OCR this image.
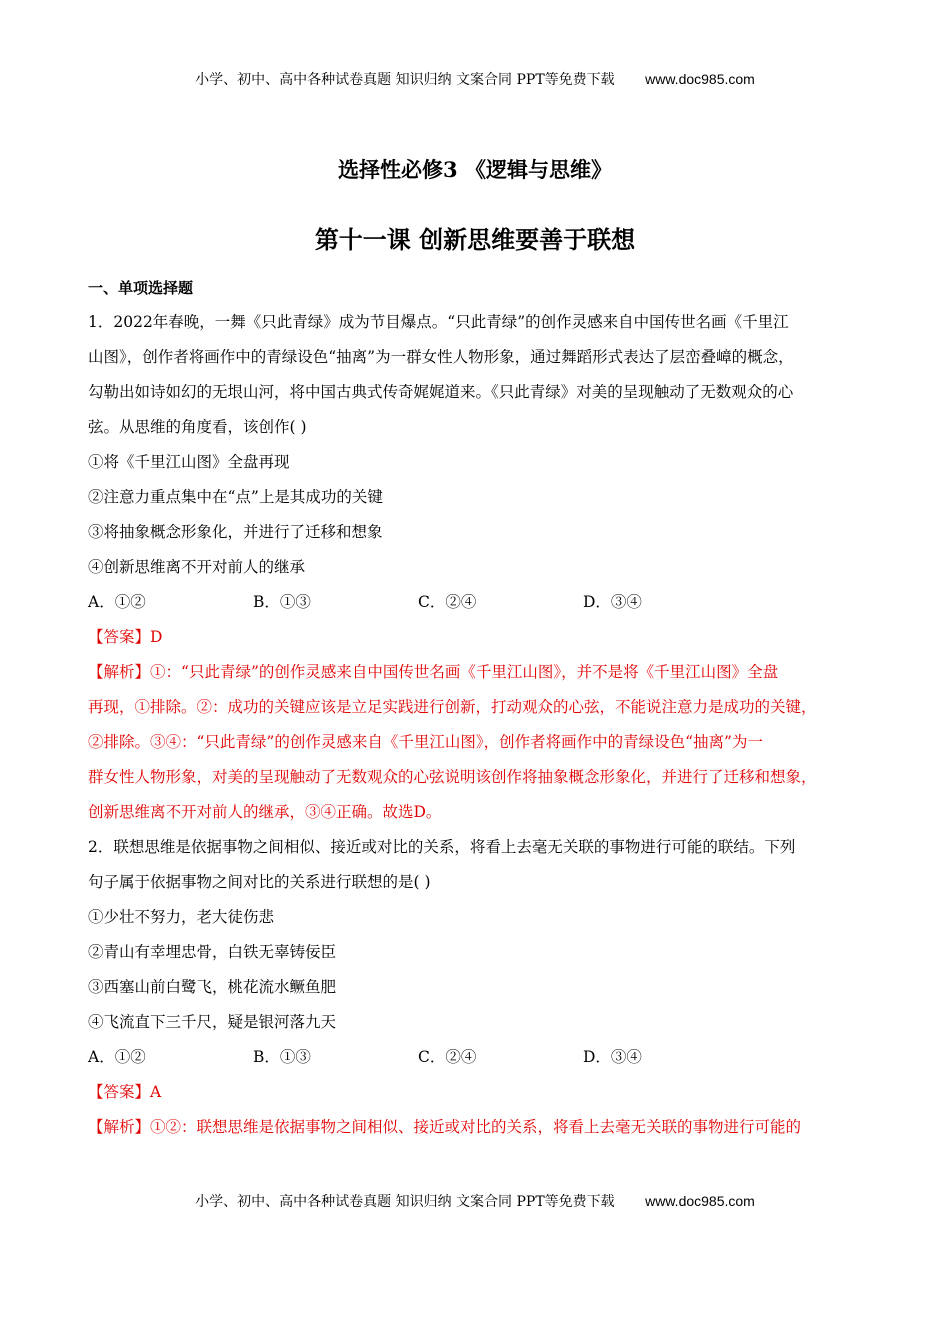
小学、初中、高中各种试卷真题 知识归纳 文案合同 PPT等免费下载 www.doc985.com
选择性必修3 《逻辑与思维》
第十一课 创新思维要善于联想

一、单项选择题

1．2022年春晚，一舞《只此青绿》成为节目爆点。“只此青绿”的创作灵感来自中国传世名画《千里江

山图》，创作者将画作中的青绿设色“抽离”为一群女性人物形象，通过舞蹈形式表达了层峦叠嶂的概念，

勾勒出如诗如幻的无垠山河，将中国古典式传奇娓娓道来。《只此青绿》对美的呈现触动了无数观众的心

弦。从思维的角度看，该创作( )

①将《千里江山图》全盘再现

②注意力重点集中在“点”上是其成功的关键

③将抽象概念形象化，并进行了迁移和想象

④创新思维离不开对前人的继承

A．①②	B．①③	C．②④	D．③④

【答案】D

【解析】①：“只此青绿”的创作灵感来自中国传世名画《千里江山图》，并不是将《千里江山图》全盘

再现，①排除。②：成功的关键应该是立足实践进行创新，打动观众的心弦，不能说注意力是成功的关键，

②排除。③④：“只此青绿”的创作灵感来自《千里江山图》，创作者将画作中的青绿设色“抽离”为一

群女性人物形象，对美的呈现触动了无数观众的心弦说明该创作将抽象概念形象化，并进行了迁移和想象，

创新思维离不开对前人的继承，③④正确。故选D。

2．联想思维是依据事物之间相似、接近或对比的关系，将看上去毫无关联的事物进行可能的联结。下列

句子属于依据事物之间对比的关系进行联想的是( )

①少壮不努力，老大徒伤悲

②青山有幸埋忠骨，白铁无辜铸佞臣

③西塞山前白鹭飞，桃花流水鳜鱼肥

④飞流直下三千尺，疑是银河落九天

A．①②	B．①③	C．②④	D．③④

【答案】A

【解析】①②：联想思维是依据事物之间相似、接近或对比的关系，将看上去毫无关联的事物进行可能的

小学、初中、高中各种试卷真题 知识归纳 文案合同 PPT等免费下载 www.doc985.com
